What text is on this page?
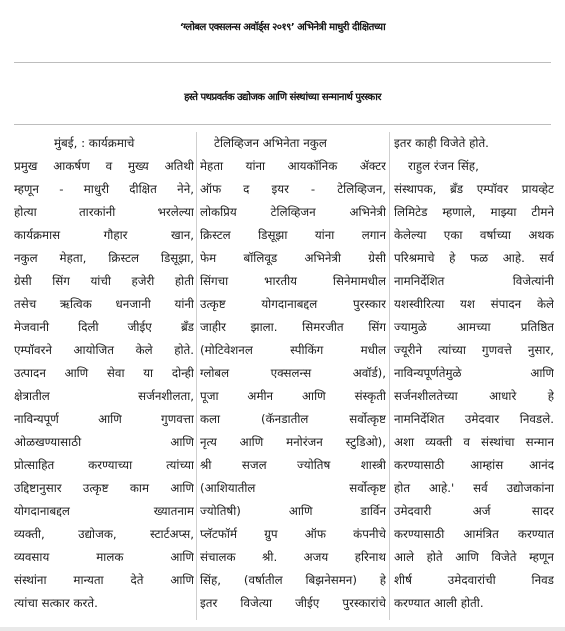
‘ग्लोबल एक्सलन्स अवॉर्ड्स २०१९’ अभिनेत्री माधुरी दीक्षितच्या
हस्ते पथप्रवर्तक उद्योजक आणि संस्थांच्या सन्मानार्थ पुरस्कार
मुंबई, : कार्यक्रमाचे
प्रमुख आकर्षण व मुख्य अतिथी
म्हणून - माधुरी दीक्षित नेने,
होत्या तारकांनी भरलेल्या
कार्यक्रमास गौहार खान,
नकुल मेहता, क्रिस्टल डिसूझा,
ग्रेसी सिंग यांची हजेरी होती
तसेच ऋत्विक धनजानी यांनी
मेजवानी दिली जीईए ब्रँड
एम्पॉवरने आयोजित केले होते.
उत्पादन आणि सेवा या दोन्ही
क्षेत्रातील सर्जनशीलता,
नाविन्यपूर्ण आणि गुणवत्ता
ओळखण्यासाठी आणि
प्रोत्साहित करण्याच्या त्यांच्या
उद्दिष्टानुसार उत्कृष्ट काम आणि
योगदानाबद्दल ख्यातनाम
व्यक्ती, उद्योजक, स्टार्टअप्स,
व्यवसाय मालक आणि
संस्थांना मान्यता देते आणि
त्यांचा सत्कार करते.
टेलिव्हिजन अभिनेता नकुल
मेहता यांना आयकॉनिक ॲक्टर
ऑफ द इयर - टेलिव्हिजन,
लोकप्रिय टेलिव्हिजन अभिनेत्री
क्रिस्टल डिसूझा यांना लगान
फेम बॉलिवूड अभिनेत्री ग्रेसी
सिंगचा भारतीय सिनेमामधील
उत्कृष्ट योगदानाबद्दल पुरस्कार
जाहीर झाला. सिमरजीत सिंग
(मोटिवेशनल स्पीकिंग मधील
ग्लोबल एक्सलन्स अवॉर्ड),
पूजा अमीन आणि संस्कृती
कला (कॅनडातील सर्वोत्कृष्ट
नृत्य आणि मनोरंजन स्टुडिओ),
श्री सजल ज्योतिष शास्त्री
(आशियातील सर्वोत्कृष्ट
ज्योतिषी) आणि डार्विन
प्लॅटफॉर्म ग्रुप ऑफ कंपनीचे
संचालक श्री. अजय हरिनाथ
सिंह, (वर्षातील बिझनेसमन) हे
इतर विजेत्या जीईए पुरस्कारांचे
इतर काही विजेते होते.
राहुल रंजन सिंह,
संस्थापक, ब्रँड एम्पॉवर प्रायव्हेट
लिमिटेड म्हणाले, माझ्या टीमने
केलेल्या एका वर्षाच्या अथक
परिश्रमाचे हे फळ आहे. सर्व
नामनिर्देशित विजेत्यांनी
यशस्वीरित्या यश संपादन केले
ज्यामुळे आमच्या प्रतिष्ठित
ज्यूरीने त्यांच्या गुणवत्ते नुसार,
नाविन्यपूर्णतेमुळे आणि
सर्जनशीलतेच्या आधारे हे
नामनिर्देशित उमेदवार निवडले.
अशा व्यक्ती व संस्थांचा सन्मान
करण्यासाठी आम्हांस आनंद
होत आहे.' सर्व उद्योजकांना
उमेदवारी अर्ज सादर
करण्यासाठी आमंत्रित करण्यात
आले होते आणि विजेते म्हणून
शीर्ष उमेदवारांची निवड
करण्यात आली होती.
